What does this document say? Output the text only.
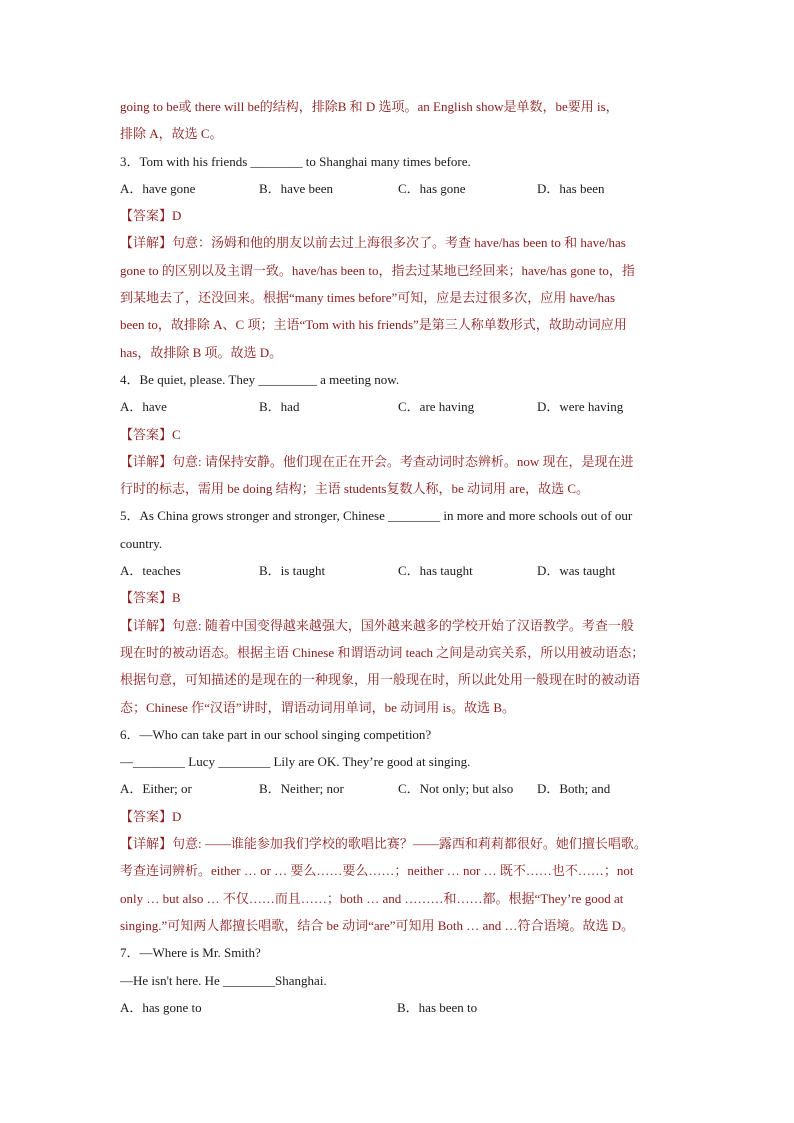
going to be或 there will be的结构，排除B 和 D 选项。an English show是单数，be要用 is，
排除 A，故选 C。
3．Tom with his friends ________ to Shanghai many times before.
A．have gone	B．have been	C．has gone	D．has been
【答案】D
【详解】句意：汤姆和他的朋友以前去过上海很多次了。考查 have/has been to 和 have/has
gone to 的区别以及主谓一致。have/has been to，指去过某地已经回来；have/has gone to，指
到某地去了，还没回来。根据“many times before”可知，应是去过很多次，应用 have/has
been to，故排除 A、C 项；主语“Tom with his friends”是第三人称单数形式，故助动词应用
has，故排除 B 项。故选 D。
4．Be quiet, please. They _________ a meeting now.
A．have	B．had	C．are having	D．were having
【答案】C
【详解】句意: 请保持安静。他们现在正在开会。考查动词时态辨析。now 现在，是现在进
行时的标志，需用 be doing 结构；主语 students复数人称，be 动词用 are，故选 C。
5．As China grows stronger and stronger, Chinese ________ in more and more schools out of our
country.
A．teaches	B．is taught	C．has taught	D．was taught
【答案】B
【详解】句意: 随着中国变得越来越强大，国外越来越多的学校开始了汉语教学。考查一般
现在时的被动语态。根据主语 Chinese 和谓语动词 teach 之间是动宾关系，所以用被动语态；
根据句意，可知描述的是现在的一种现象，用一般现在时，所以此处用一般现在时的被动语
态；Chinese 作“汉语”讲时，谓语动词用单词，be 动词用 is。故选 B。
6．—Who can take part in our school singing competition?
—________ Lucy ________ Lily are OK. They’re good at singing.
A．Either; or	B．Neither; nor	C．Not only; but also	D．Both; and
【答案】D
【详解】句意: ——谁能参加我们学校的歌唱比赛？——露西和莉莉都很好。她们擅长唱歌。
考查连词辨析。either … or … 要么……要么……；neither … nor … 既不……也不……；not
only … but also … 不仅……而且……；both … and ………和……都。根据“They’re good at
singing.”可知两人都擅长唱歌，结合 be 动词“are”可知用 Both … and …符合语境。故选 D。
7．—Where is Mr. Smith?
—He isn't here. He ________Shanghai.
A．has gone to	B．has been to
